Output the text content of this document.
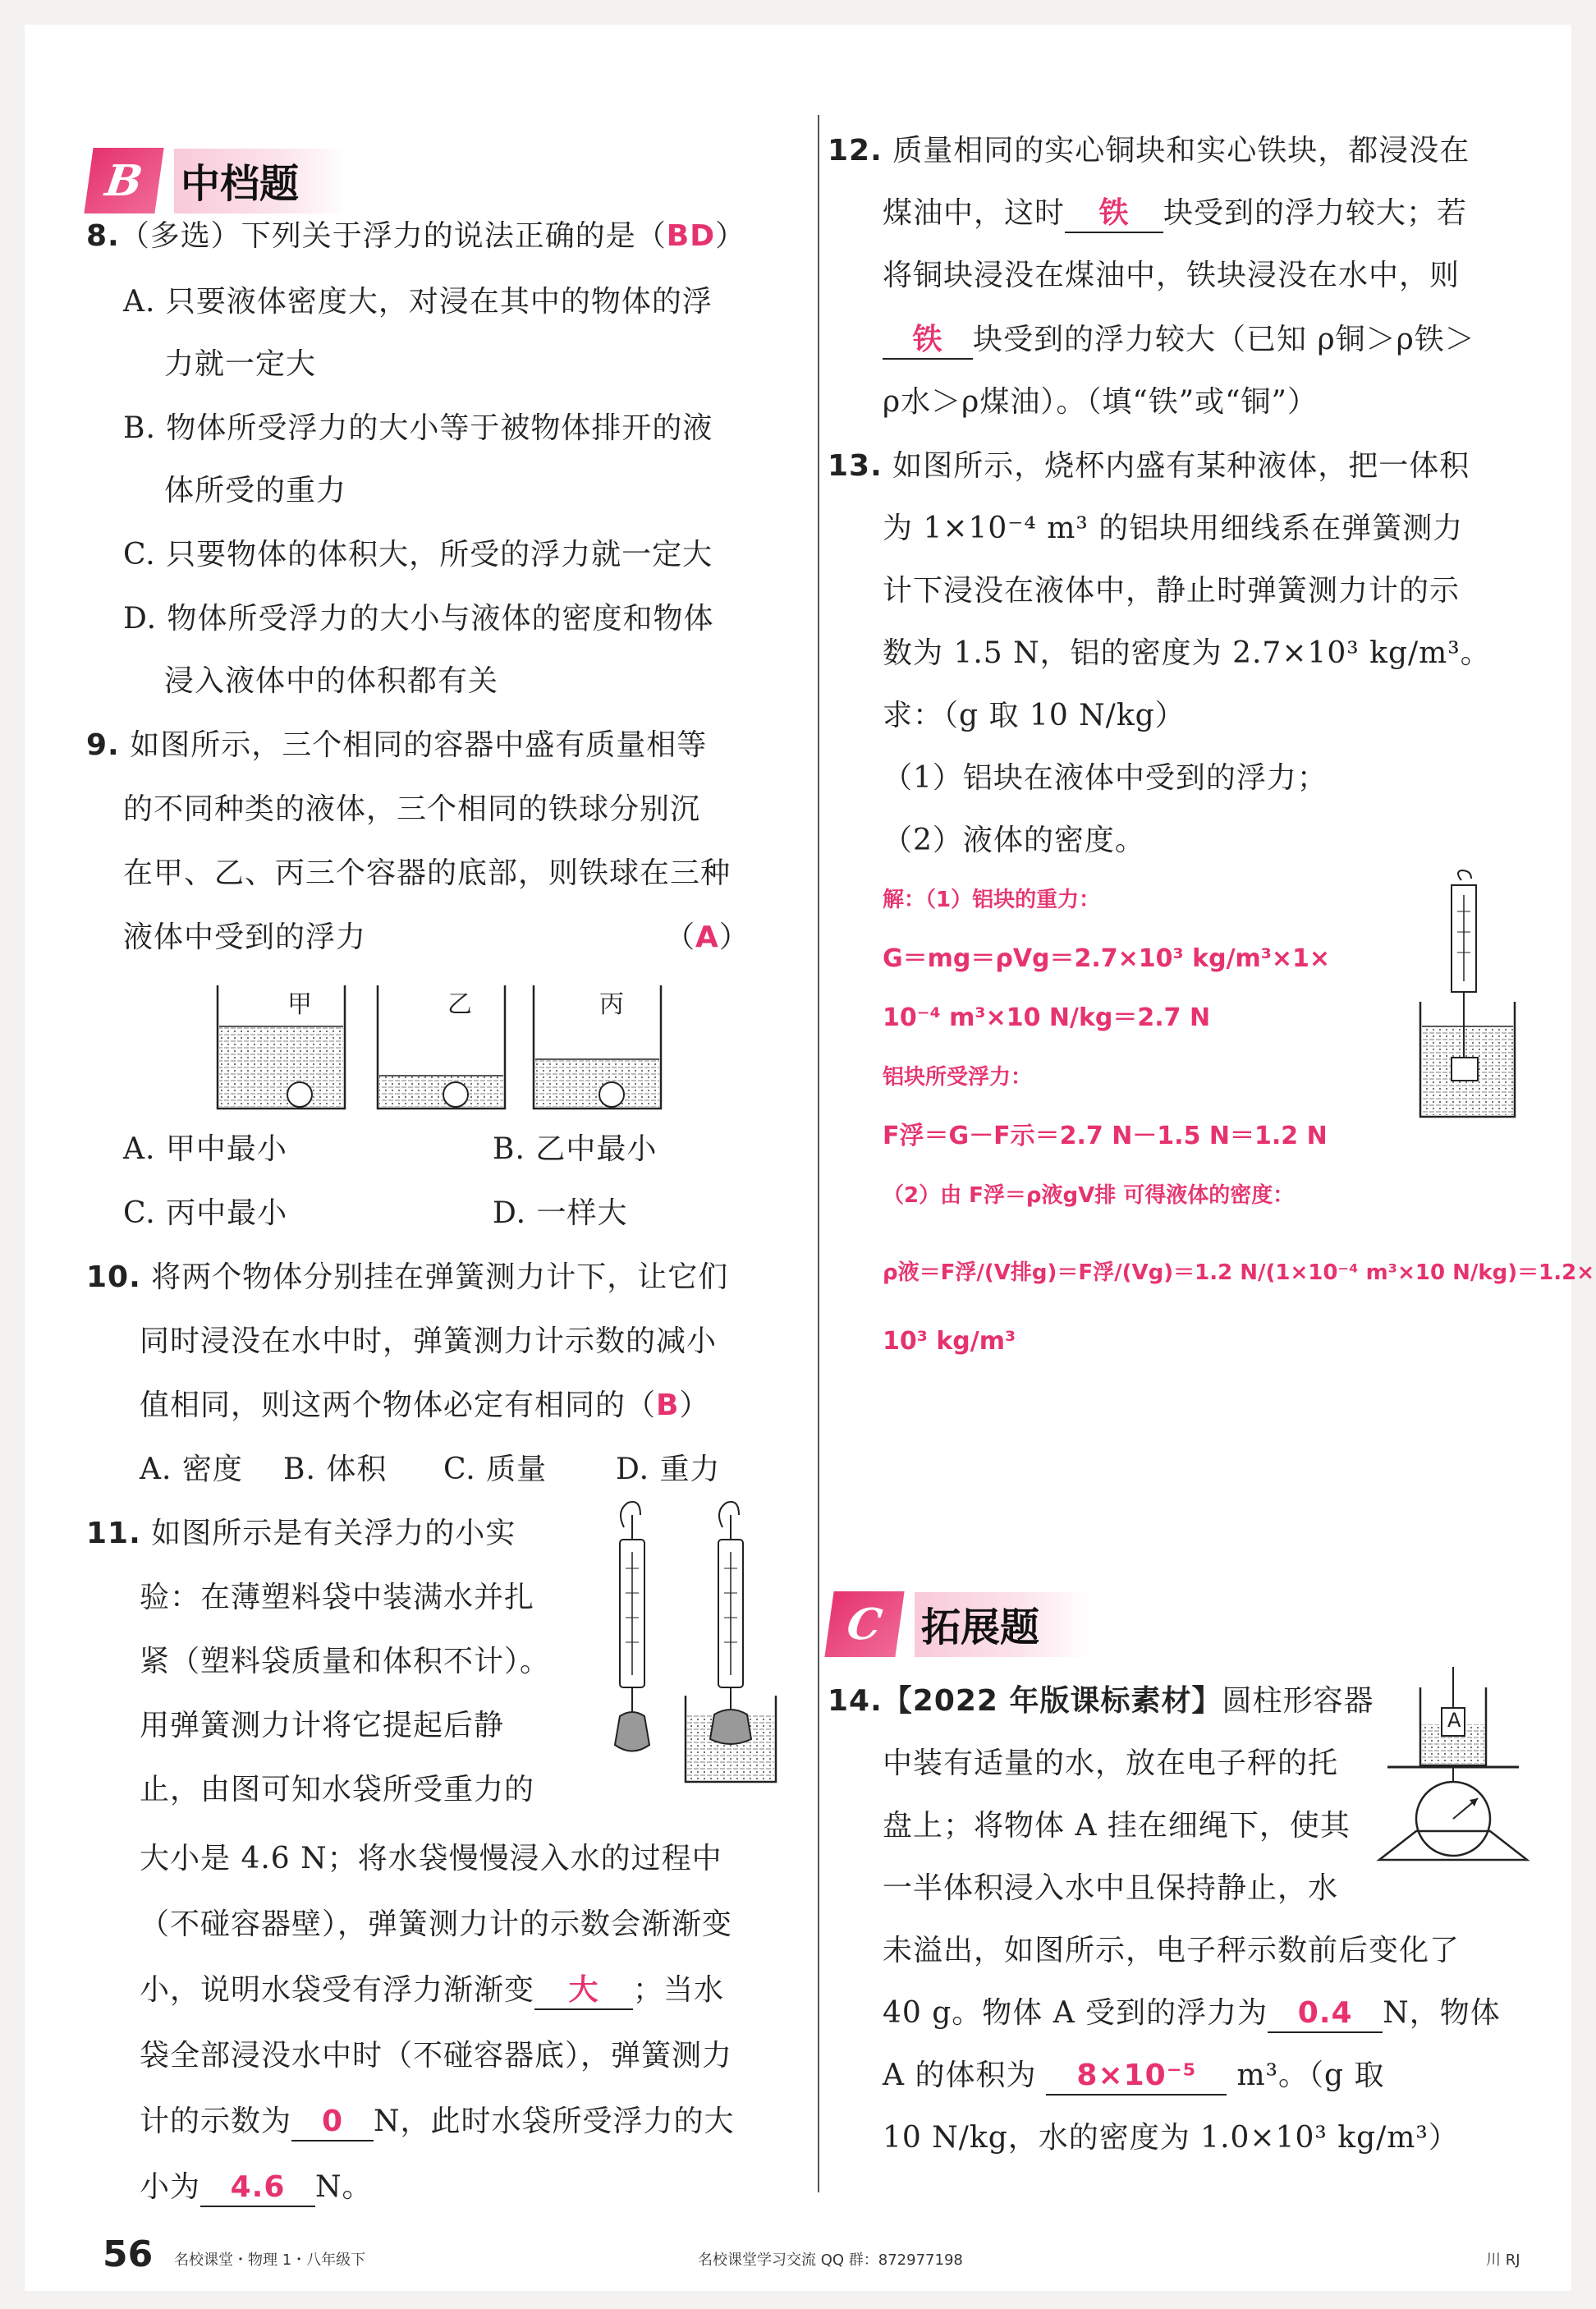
B 中档题
8.（多选）下列关于浮力的说法正确的是（BD）
A. 只要液体密度大，对浸在其中的物体的浮
力就一定大
B. 物体所受浮力的大小等于被物体排开的液
体所受的重力
C. 只要物体的体积大，所受的浮力就一定大
D. 物体所受浮力的大小与液体的密度和物体
浸入液体中的体积都有关
9. 如图所示，三个相同的容器中盛有质量相等
的不同种类的液体，三个相同的铁球分别沉
在甲、乙、丙三个容器的底部，则铁球在三种
液体中受到的浮力	（A）
甲	乙	丙
A. 甲中最小	B. 乙中最小
C. 丙中最小	D. 一样大
10. 将两个物体分别挂在弹簧测力计下，让它们
同时浸没在水中时，弹簧测力计示数的减小
值相同，则这两个物体必定有相同的（B）
A. 密度 B. 体积 C. 质量 D. 重力
11. 如图所示是有关浮力的小实
验：在薄塑料袋中装满水并扎
紧（塑料袋质量和体积不计）。
用弹簧测力计将它提起后静
止，由图可知水袋所受重力的
大小是 4.6 N；将水袋慢慢浸入水的过程中
（不碰容器壁），弹簧测力计的示数会渐渐变
小，说明水袋受有浮力渐渐变 大 ；当水
袋全部浸没水中时（不碰容器底），弹簧测力
计的示数为 0 N，此时水袋所受浮力的大
小为 4.6 N。
12. 质量相同的实心铜块和实心铁块，都浸没在
煤油中，这时 铁 块受到的浮力较大；若
将铜块浸没在煤油中，铁块浸没在水中，则
铁 块受到的浮力较大（已知 ρ铜＞ρ铁＞
ρ水＞ρ煤油）。（填“铁”或“铜”）
13. 如图所示，烧杯内盛有某种液体，把一体积
为 1×10⁻⁴ m³ 的铝块用细线系在弹簧测力
计下浸没在液体中，静止时弹簧测力计的示
数为 1.5 N，铝的密度为 2.7×10³ kg/m³。
求：（g 取 10 N/kg）
（1）铝块在液体中受到的浮力；
（2）液体的密度。
解：（1）铝块的重力：
G＝mg＝ρVg＝2.7×10³ kg/m³×1×
10⁻⁴ m³×10 N/kg＝2.7 N
铝块所受浮力：
F浮＝G－F示＝2.7 N－1.5 N＝1.2 N
（2）由 F浮＝ρ液gV排 可得液体的密度：
ρ液＝F浮/(V排g)＝F浮/(Vg)＝1.2 N/(1×10⁻⁴ m³×10 N/kg)＝1.2×
10³ kg/m³
C 拓展题
14.【2022 年版课标素材】圆柱形容器
中装有适量的水，放在电子秤的托
盘上；将物体 A 挂在细绳下，使其
一半体积浸入水中且保持静止，水
未溢出，如图所示，电子秤示数前后变化了
40 g。物体 A 受到的浮力为 0.4 N，物体
A 的体积为 8×10⁻⁵ m³。（g 取
10 N/kg，水的密度为 1.0×10³ kg/m³）
A
56 名校课堂・物理 1・八年级下	名校课堂学习交流 QQ 群：872977198	川 RJ
